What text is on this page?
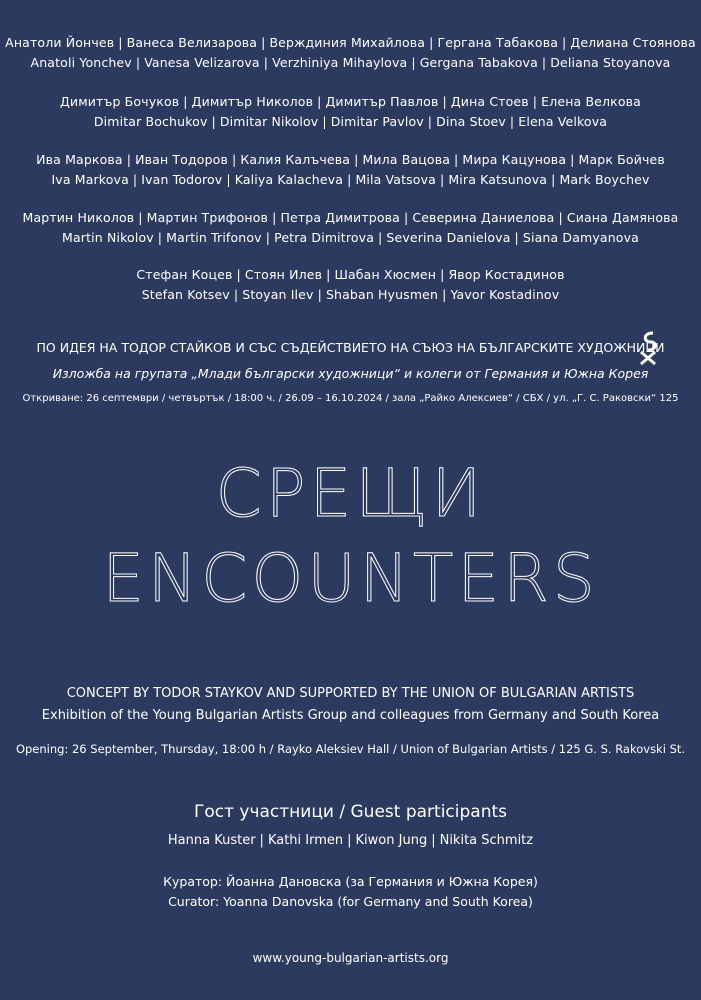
Анатоли Йончев | Ванеса Велизарова | Верждиния Михайлова | Гергана Табакова | Делиана Стоянова
Anatoli Yonchev | Vanesa Velizarova | Verzhiniya Mihaylova | Gergana Tabakova | Deliana Stoyanova
Димитър Бочуков | Димитър Николов | Димитър Павлов | Дина Стоев | Елена Велкова
Dimitar Bochukov | Dimitar Nikolov | Dimitar Pavlov | Dina Stoev | Elena Velkova
Ива Маркова | Иван Тодоров | Калия Калъчева | Мила Вацова | Мира Кацунова | Марк Бойчев
Iva Markova | Ivan Todorov | Kaliya Kalacheva | Mila Vatsova | Mira Katsunova | Mark Boychev
Мартин Николов | Мартин Трифонов | Петра Димитрова | Северина Даниелова | Сиана Дамянова
Martin Nikolov | Martin Trifonov | Petra Dimitrova | Severina Danielova | Siana Damyanova
Стефан Коцев | Стоян Илев | Шабан Хюсмен | Явор Костадинов
Stefan Kotsev | Stoyan Ilev | Shaban Hyusmen | Yavor Kostadinov
ПО ИДЕЯ НА ТОДОР СТАЙКОВ И СЪС СЪДЕЙСТВИЕТО НА СЪЮЗ НА БЪЛГАРСКИТЕ ХУДОЖНИЦИ
Изложба на групата „Млади български художници“ и колеги от Германия и Южна Корея
Откриване: 26 септември / четвъртък / 18:00 ч. / 26.09 – 16.10.2024 / зала „Райко Алексиев“ / СБХ / ул. „Г. С. Раковски“ 125
СРЕЩИ
ENCOUNTERS
CONCEPT BY TODOR STAYKOV AND SUPPORTED BY THE UNION OF BULGARIAN ARTISTS
Exhibition of the Young Bulgarian Artists Group and colleagues from Germany and South Korea
Opening: 26 September, Thursday, 18:00 h / Rayko Aleksiev Hall / Union of Bulgarian Artists / 125 G. S. Rakovski St.
Гост участници / Guest participants
Hanna Kuster | Kathi Irmen | Kiwon Jung | Nikita Schmitz
Куратор: Йоанна Дановска (за Германия и Южна Корея)
Curator: Yoanna Danovska (for Germany and South Korea)
www.young-bulgarian-artists.org
